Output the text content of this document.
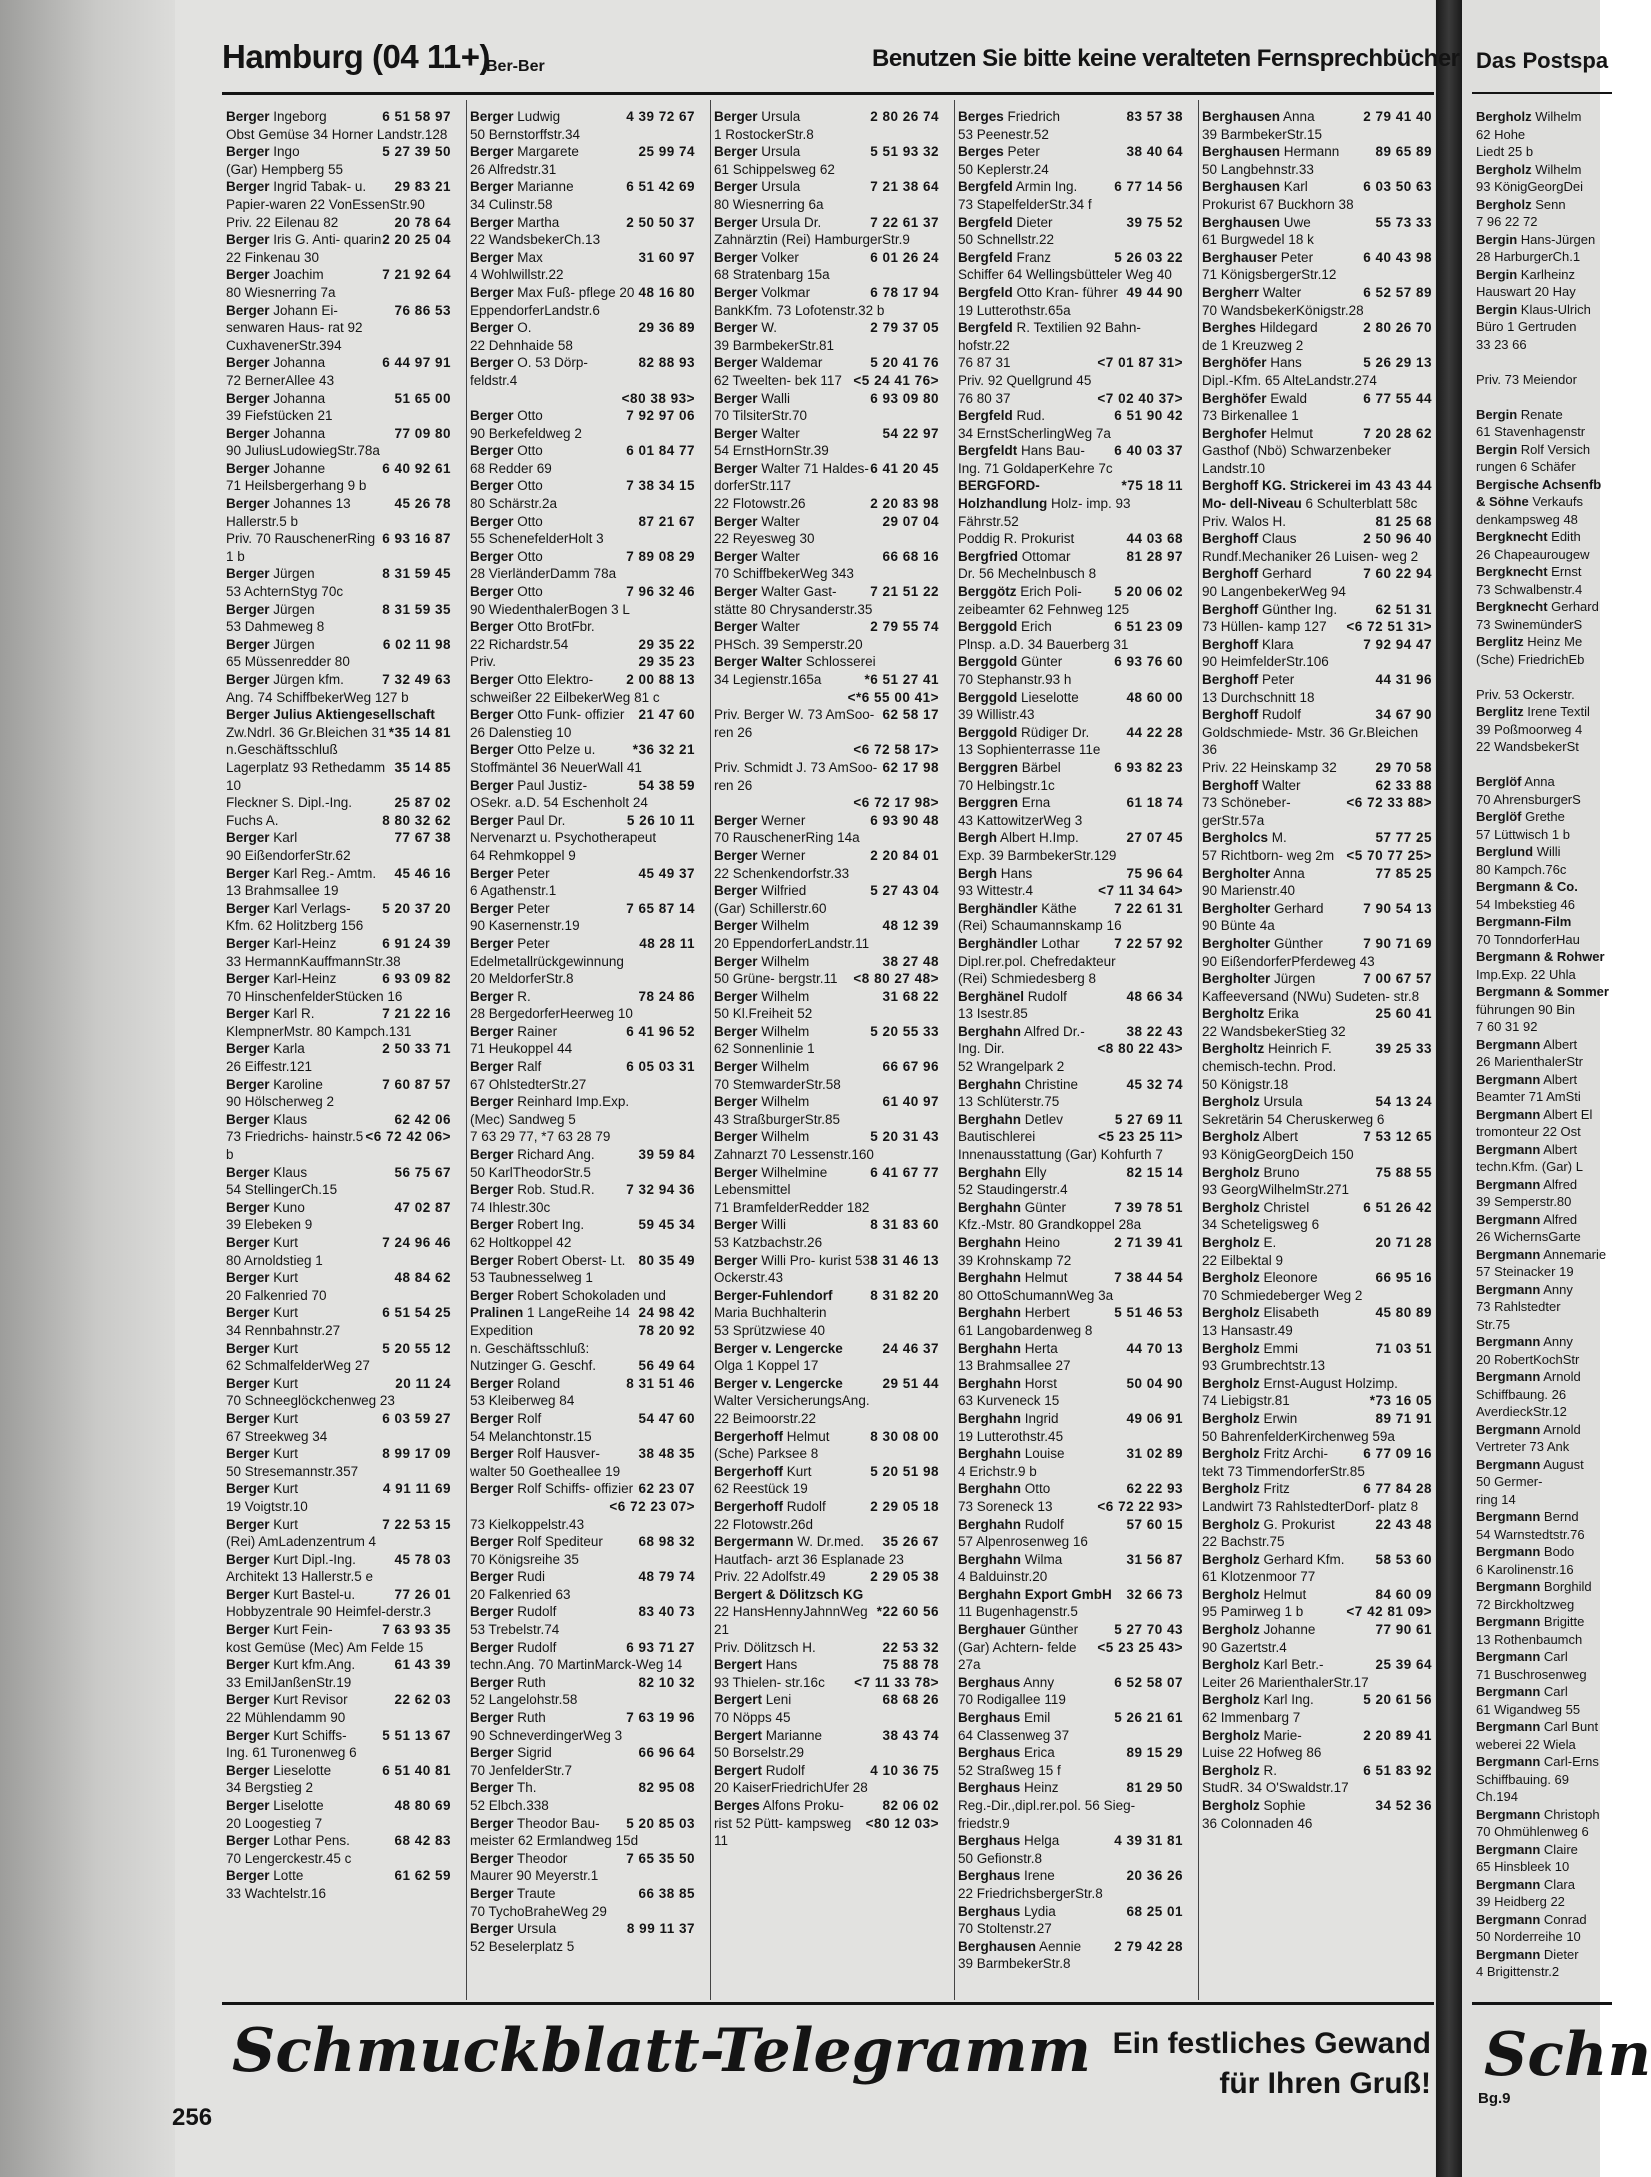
Hamburg (04 11+)
Ber-Ber	Benutzen Sie bitte keine veralteten Fernsprechbücher
6 51 58 97
Berger Ingeborg
Obst Gemüse 34 Horner Landstr.128
5 27 39 50
Berger Ingo
(Gar) Hempberg 55
29 83 21
Berger Ingrid Tabak- u. Papier-waren 22 VonEssenStr.90
20 78 64
Priv. 22 Eilenau 82
2 20 25 04
Berger Iris G. Anti- quarin 22 Finkenau 30
7 21 92 64
Berger Joachim
80 Wiesnerring 7a
76 86 53
Berger Johann Ei- senwaren Haus- rat 92 CuxhavenerStr.394
6 44 97 91
Berger Johanna
72 BernerAllee 43
51 65 00
Berger Johanna
39 Fiefstücken 21
77 09 80
Berger Johanna
90 JuliusLudowiegStr.78a
6 40 92 61
Berger Johanne
71 Heilsbergerhang 9 b
45 26 78
Berger Johannes 13 Hallerstr.5 b
6 93 16 87
Priv. 70 RauschenerRing 1 b
8 31 59 45
Berger Jürgen
53 AchternStyg 70c
8 31 59 35
Berger Jürgen
53 Dahmeweg 8
6 02 11 98
Berger Jürgen
65 Müssenredder 80
7 32 49 63
Berger Jürgen kfm.
Ang. 74 SchiffbekerWeg 127 b
Berger Julius Aktiengesellschaft
*35 14 81
Zw.Ndrl. 36 Gr.Bleichen 31
n.Geschäftsschluß
35 14 85
Lagerplatz 93 Rethedamm 10
25 87 02
Fleckner S. Dipl.-Ing.
8 80 32 62
Fuchs A.
77 67 38
Berger Karl
90 EißendorferStr.62
45 46 16
Berger Karl Reg.- Amtm. 13 Brahmsallee 19
5 20 37 20
Berger Karl Verlags-
Kfm. 62 Holitzberg 156
6 91 24 39
Berger Karl-Heinz
33 HermannKauffmannStr.38
6 93 09 82
Berger Karl-Heinz
70 HinschenfelderStücken 16
7 21 22 16
Berger Karl R.
KlempnerMstr. 80 Kampch.131
2 50 33 71
Berger Karla
26 Eiffestr.121
7 60 87 57
Berger Karoline
90 Hölscherweg 2
62 42 06
Berger Klaus
<6 72 42 06>
73 Friedrichs- hainstr.5 b
56 75 67
Berger Klaus
54 StellingerCh.15
47 02 87
Berger Kuno
39 Elebeken 9
7 24 96 46
Berger Kurt
80 Arnoldstieg 1
48 84 62
Berger Kurt
20 Falkenried 70
6 51 54 25
Berger Kurt
34 Rennbahnstr.27
5 20 55 12
Berger Kurt
62 SchmalfelderWeg 27
20 11 24
Berger Kurt
70 Schneeglöckchenweg 23
6 03 59 27
Berger Kurt
67 Streekweg 34
8 99 17 09
Berger Kurt
50 Stresemannstr.357
4 91 11 69
Berger Kurt
19 Voigtstr.10
7 22 53 15
Berger Kurt
(Rei) AmLadenzentrum 4
45 78 03
Berger Kurt Dipl.-Ing.
Architekt 13 Hallerstr.5 e
77 26 01
Berger Kurt Bastel-u.
Hobbyzentrale 90 Heimfel-derstr.3
7 63 93 35
Berger Kurt Fein-
kost Gemüse (Mec) Am Felde 15
61 43 39
Berger Kurt kfm.Ang.
33 EmilJanßenStr.19
22 62 03
Berger Kurt Revisor
22 Mühlendamm 90
5 51 13 67
Berger Kurt Schiffs-
Ing. 61 Turonenweg 6
6 51 40 81
Berger Lieselotte
34 Bergstieg 2
48 80 69
Berger Liselotte
20 Loogestieg 7
68 42 83
Berger Lothar Pens.
70 Lengerckestr.45 c
61 62 59
Berger Lotte
33 Wachtelstr.16
4 39 72 67
Berger Ludwig
50 Bernstorffstr.34
25 99 74
Berger Margarete
26 Alfredstr.31
6 51 42 69
Berger Marianne
34 Culinstr.58
2 50 50 37
Berger Martha
22 WandsbekerCh.13
31 60 97
Berger Max
4 Wohlwillstr.22
48 16 80
Berger Max Fuß- pflege 20 EppendorferLandstr.6
29 36 89
Berger O.
22 Dehnhaide 58
82 88 93
Berger O. 53 Dörp- feldstr.4
<80 38 93>
7 92 97 06
Berger Otto
90 Berkefeldweg 2
6 01 84 77
Berger Otto
68 Redder 69
7 38 34 15
Berger Otto
80 Schärstr.2a
87 21 67
Berger Otto
55 SchenefelderHolt 3
7 89 08 29
Berger Otto
28 VierländerDamm 78a
7 96 32 46
Berger Otto
90 WiedenthalerBogen 3 L
Berger Otto BrotFbr.
29 35 22
22 Richardstr.54
29 35 23
Priv.
2 00 88 13
Berger Otto Elektro- schweißer 22 EilbekerWeg 81 c
21 47 60
Berger Otto Funk- offizier 26 Dalenstieg 10
*36 32 21
Berger Otto Pelze u.
Stoffmäntel 36 NeuerWall 41
54 38 59
Berger Paul Justiz-
OSekr. a.D. 54 Eschenholt 24
5 26 10 11
Berger Paul Dr.
Nervenarzt u. Psychotherapeut
64 Rehmkoppel 9
45 49 37
Berger Peter
6 Agathenstr.1
7 65 87 14
Berger Peter
90 Kasernenstr.19
48 28 11
Berger Peter
Edelmetallrückgewinnung
20 MeldorferStr.8
78 24 86
Berger R.
28 BergedorferHeerweg 10
6 41 96 52
Berger Rainer
71 Heukoppel 44
6 05 03 31
Berger Ralf
67 OhlstedterStr.27
Berger Reinhard Imp.Exp.
(Mec) Sandweg 5
7 63 29 77, *7 63 28 79
39 59 84
Berger Richard Ang.
50 KarlTheodorStr.5
7 32 94 36
Berger Rob. Stud.R.
74 Ihlestr.30c
59 45 34
Berger Robert Ing.
62 Holtkoppel 42
80 35 49
Berger Robert Oberst- Lt. 53 Taubnesselweg 1
Berger Robert Schokoladen und
24 98 42
Pralinen 1 LangeReihe 14
78 20 92
Expedition
n. Geschäftsschluß:
56 49 64
Nutzinger G. Geschf.
8 31 51 46
Berger Roland
53 Kleiberweg 84
54 47 60
Berger Rolf
54 Melanchtonstr.15
38 48 35
Berger Rolf Hausver- walter 50 Goetheallee 19
62 23 07
Berger Rolf Schiffs- offizier
<6 72 23 07>
73 Kielkoppelstr.43
68 98 32
Berger Rolf Spediteur
70 Königsreihe 35
48 79 74
Berger Rudi
20 Falkenried 63
83 40 73
Berger Rudolf
53 Trebelstr.74
6 93 71 27
Berger Rudolf
techn.Ang. 70 MartinMarck-Weg 14
82 10 32
Berger Ruth
52 Langelohstr.58
7 63 19 96
Berger Ruth
90 SchneverdingerWeg 3
66 96 64
Berger Sigrid
70 JenfelderStr.7
82 95 08
Berger Th.
52 Elbch.338
5 20 85 03
Berger Theodor Bau-
meister 62 Ermlandweg 15d
7 65 35 50
Berger Theodor
Maurer 90 Meyerstr.1
66 38 85
Berger Traute
70 TychoBraheWeg 29
8 99 11 37
Berger Ursula
52 Beselerplatz 5
2 80 26 74
Berger Ursula
1 RostockerStr.8
5 51 93 32
Berger Ursula
61 Schippelsweg 62
7 21 38 64
Berger Ursula
80 Wiesnerring 6a
7 22 61 37
Berger Ursula Dr.
Zahnärztin (Rei) HamburgerStr.9
6 01 26 24
Berger Volker
68 Stratenbarg 15a
6 78 17 94
Berger Volkmar
BankKfm. 73 Lofotenstr.32 b
2 79 37 05
Berger W.
39 BarmbekerStr.81
5 20 41 76
Berger Waldemar
<5 24 41 76>
62 Tweelten- bek 117
6 93 09 80
Berger Walli
70 TilsiterStr.70
54 22 97
Berger Walter
54 ErnstHornStr.39
6 41 20 45
Berger Walter 71 Haldes- dorferStr.117
2 20 83 98
22 Flotowstr.26
29 07 04
Berger Walter
22 Reyesweg 30
66 68 16
Berger Walter
70 SchiffbekerWeg 343
7 21 51 22
Berger Walter Gast-
stätte 80 Chrysanderstr.35
2 79 55 74
Berger Walter
PHSch. 39 Semperstr.20
Berger Walter Schlosserei
*6 51 27 41
34 Legienstr.165a
<*6 55 00 41>
62 58 17
Priv. Berger W. 73 AmSoo- ren 26
<6 72 58 17>
62 17 98
Priv. Schmidt J. 73 AmSoo- ren 26
<6 72 17 98>
6 93 90 48
Berger Werner
70 RauschenerRing 14a
2 20 84 01
Berger Werner
22 Schenkendorfstr.33
5 27 43 04
Berger Wilfried
(Gar) Schillerstr.60
48 12 39
Berger Wilhelm
20 EppendorferLandstr.11
38 27 48
Berger Wilhelm
<8 80 27 48>
50 Grüne- bergstr.11
31 68 22
Berger Wilhelm
50 Kl.Freiheit 52
5 20 55 33
Berger Wilhelm
62 Sonnenlinie 1
66 67 96
Berger Wilhelm
70 StemwarderStr.58
61 40 97
Berger Wilhelm
43 StraßburgerStr.85
5 20 31 43
Berger Wilhelm
Zahnarzt 70 Lessenstr.160
6 41 67 77
Berger Wilhelmine
Lebensmittel
71 BramfelderRedder 182
8 31 83 60
Berger Willi
53 Katzbachstr.26
8 31 46 13
Berger Willi Pro- kurist 53 Ockerstr.43
8 31 82 20
Berger-Fuhlendorf
Maria Buchhalterin
53 Sprützwiese 40
24 46 37
Berger v. Lengercke
Olga 1 Koppel 17
29 51 44
Berger v. Lengercke
Walter VersicherungsAng.
22 Beimoorstr.22
8 30 08 00
Bergerhoff Helmut
(Sche) Parksee 8
5 20 51 98
Bergerhoff Kurt
62 Reestück 19
2 29 05 18
Bergerhoff Rudolf
22 Flotowstr.26d
35 26 67
Bergermann W. Dr.med. Hautfach- arzt 36 Esplanade 23
2 29 05 38
Priv. 22 Adolfstr.49
Bergert & Dölitzsch KG
*22 60 56
22 HansHennyJahnnWeg 21
22 53 32
Priv. Dölitzsch H.
75 88 78
Bergert Hans
<7 11 33 78>
93 Thielen- str.16c
68 68 26
Bergert Leni
70 Nöpps 45
38 43 74
Bergert Marianne
50 Borselstr.29
4 10 36 75
Bergert Rudolf
20 KaiserFriedrichUfer 28
82 06 02
Berges Alfons Proku-
<80 12 03>
rist 52 Pütt- kampsweg 11
83 57 38
Berges Friedrich
53 Peenestr.52
38 40 64
Berges Peter
50 Keplerstr.24
6 77 14 56
Bergfeld Armin Ing.
73 StapelfelderStr.34 f
39 75 52
Bergfeld Dieter
50 Schnellstr.22
5 26 03 22
Bergfeld Franz
Schiffer 64 Wellingsbütteler Weg 40
49 44 90
Bergfeld Otto Kran- führer 19 Lutterothstr.65a
Bergfeld R. Textilien 92 Bahn- hofstr.22
<7 01 87 31>
76 87 31
Priv. 92 Quellgrund 45
<7 02 40 37>
76 80 37
6 51 90 42
Bergfeld Rud.
34 ErnstScherlingWeg 7a
6 40 03 37
Bergfeldt Hans Bau-
Ing. 71 GoldaperKehre 7c
*75 18 11
BERGFORD-Holzhandlung Holz- imp. 93 Fährstr.52
44 03 68
Poddig R. Prokurist
81 28 97
Bergfried Ottomar
Dr. 56 Mechelnbusch 8
5 20 06 02
Berggötz Erich Poli-
zeibeamter 62 Fehnweg 125
6 51 23 09
Berggold Erich
Plnsp. a.D. 34 Bauerberg 31
6 93 76 60
Berggold Günter
70 Stephanstr.93 h
48 60 00
Berggold Lieselotte
39 Willistr.43
44 22 28
Berggold Rüdiger Dr.
13 Sophienterrasse 11e
6 93 82 23
Berggren Bärbel
70 Helbingstr.1c
61 18 74
Berggren Erna
43 KattowitzerWeg 3
27 07 45
Bergh Albert H.Imp.
Exp. 39 BarmbekerStr.129
75 96 64
Bergh Hans
<7 11 34 64>
93 Wittestr.4
7 22 61 31
Berghändler Käthe
(Rei) Schaumannskamp 16
7 22 57 92
Berghändler Lothar
Dipl.rer.pol. Chefredakteur
(Rei) Schmiedesberg 8
48 66 34
Berghänel Rudolf
13 Isestr.85
38 22 43
Berghahn Alfred Dr.-
<8 80 22 43>
Ing. Dir.
52 Wrangelpark 2
45 32 74
Berghahn Christine
13 Schlüterstr.75
5 27 69 11
Berghahn Detlev
<5 23 25 11>
Bautischlerei
Innenausstattung (Gar) Kohfurth 7
82 15 14
Berghahn Elly
52 Staudingerstr.4
7 39 78 51
Berghahn Günter
Kfz.-Mstr. 80 Grandkoppel 28a
2 71 39 41
Berghahn Heino
39 Krohnskamp 72
7 38 44 54
Berghahn Helmut
80 OttoSchumannWeg 3a
5 51 46 53
Berghahn Herbert
61 Langobardenweg 8
44 70 13
Berghahn Herta
13 Brahmsallee 27
50 04 90
Berghahn Horst
63 Kurveneck 15
49 06 91
Berghahn Ingrid
19 Lutterothstr.45
31 02 89
Berghahn Louise
4 Erichstr.9 b
62 22 93
Berghahn Otto
<6 72 22 93>
73 Soreneck 13
57 60 15
Berghahn Rudolf
57 Alpenrosenweg 16
31 56 87
Berghahn Wilma
4 Balduinstr.20
32 66 73
Berghahn Export GmbH
11 Bugenhagenstr.5
5 27 70 43
Berghauer Günther
<5 23 25 43>
(Gar) Achtern- felde 27a
6 52 58 07
Berghaus Anny
70 Rodigallee 119
5 26 21 61
Berghaus Emil
64 Classenweg 37
89 15 29
Berghaus Erica
52 Straßweg 15 f
81 29 50
Berghaus Heinz
Reg.-Dir.,dipl.rer.pol. 56 Sieg- friedstr.9
4 39 31 81
Berghaus Helga
50 Gefionstr.8
20 36 26
Berghaus Irene
22 FriedrichsbergerStr.8
68 25 01
Berghaus Lydia
70 Stoltenstr.27
2 79 42 28
Berghausen Aennie
39 BarmbekerStr.8
2 79 41 40
Berghausen Anna
39 BarmbekerStr.15
89 65 89
Berghausen Hermann
50 Langbehnstr.33
6 03 50 63
Berghausen Karl
Prokurist 67 Buckhorn 38
55 73 33
Berghausen Uwe
61 Burgwedel 18 k
6 40 43 98
Berghauser Peter
71 KönigsbergerStr.12
6 52 57 89
Bergherr Walter
70 WandsbekerKönigstr.28
2 80 26 70
Berghes Hildegard
de 1 Kreuzweg 2
5 26 29 13
Berghöfer Hans
Dipl.-Kfm. 65 AlteLandstr.274
6 77 55 44
Berghöfer Ewald
73 Birkenallee 1
7 20 28 62
Berghofer Helmut
Gasthof (Nbö) Schwarzenbeker Landstr.10
43 43 44
Berghoff KG. Strickerei im Mo- dell-Niveau 6 Schulterblatt 58c
81 25 68
Priv. Walos H.
2 50 96 40
Berghoff Claus
Rundf.Mechaniker 26 Luisen- weg 2
7 60 22 94
Berghoff Gerhard
90 LangenbekerWeg 94
62 51 31
Berghoff Günther Ing.
<6 72 51 31>
73 Hüllen- kamp 127
7 92 94 47
Berghoff Klara
90 HeimfelderStr.106
44 31 96
Berghoff Peter
13 Durchschnitt 18
34 67 90
Berghoff Rudolf Goldschmiede- Mstr. 36 Gr.Bleichen 36
29 70 58
Priv. 22 Heinskamp 32
62 33 88
Berghoff Walter
<6 72 33 88>
73 Schöneber- gerStr.57a
57 77 25
Bergholcs M.
<5 70 77 25>
57 Richtborn- weg 2m
77 85 25
Bergholter Anna
90 Marienstr.40
7 90 54 13
Bergholter Gerhard
90 Bünte 4a
7 90 71 69
Bergholter Günther
90 EißendorferPferdeweg 43
7 00 67 57
Bergholter Jürgen
Kaffeeversand (NWu) Sudeten- str.8
25 60 41
Bergholtz Erika
22 WandsbekerStieg 32
39 25 33
Bergholtz Heinrich F.
chemisch-techn. Prod.
50 Königstr.18
54 13 24
Bergholz Ursula
Sekretärin 54 Cheruskerweg 6
7 53 12 65
Bergholz Albert
93 KönigGeorgDeich 150
75 88 55
Bergholz Bruno
93 GeorgWilhelmStr.271
6 51 26 42
Bergholz Christel
34 Scheteligsweg 6
20 71 28
Bergholz E.
22 Eilbektal 9
66 95 16
Bergholz Eleonore
70 Schmiedeberger Weg 2
45 80 89
Bergholz Elisabeth
13 Hansastr.49
71 03 51
Bergholz Emmi
93 Grumbrechtstr.13
Bergholz Ernst-August Holzimp.
*73 16 05
74 Liebigstr.81
89 71 91
Bergholz Erwin
50 BahrenfelderKirchenweg 59a
6 77 09 16
Bergholz Fritz Archi-
tekt 73 TimmendorferStr.85
6 77 84 28
Bergholz Fritz
Landwirt 73 RahlstedterDorf- platz 8
22 43 48
Bergholz G. Prokurist
22 Bachstr.75
58 53 60
Bergholz Gerhard Kfm.
61 Klotzenmoor 77
84 60 09
Bergholz Helmut
<7 42 81 09>
95 Pamirweg 1 b
77 90 61
Bergholz Johanne
90 Gazertstr.4
25 39 64
Bergholz Karl Betr.-
Leiter 26 MarienthalerStr.17
5 20 61 56
Bergholz Karl Ing.
62 Immenbarg 7
2 20 89 41
Bergholz Marie-
Luise 22 Hofweg 86
6 51 83 92
Bergholz R.
StudR. 34 O'Swaldstr.17
34 52 36
Bergholz Sophie
36 Colonnaden 46
Schmuckblatt-Telegramm Ein festliches Gewand
für Ihren Gruß!
256
Das Postspa
Bergholz Wilhelm
62 Hohe
Liedt 25 b
Bergholz Wilhelm
93 KönigGeorgDei
Bergholz Senn
7 96 22 72
Bergin Hans-Jürgen
28 HarburgerCh.1
Bergin Karlheinz
Hauswart 20 Hay
Bergin Klaus-Ulrich
Büro 1 Gertruden
33 23 66

Priv. 73 Meiendor

Bergin Renate
61 Stavenhagenstr
Bergin Rolf Versich
rungen 6 Schäfer
Bergische Achsenfb
& Söhne Verkaufs
denkampsweg 48
Bergknecht Edith
26 Chapeaurougew
Bergknecht Ernst
73 Schwalbenstr.4
Bergknecht Gerhard
73 SwinemünderS
Berglitz Heinz Me
(Sche) FriedrichEb

Priv. 53 Ockerstr.
Berglitz Irene Textil
39 Poßmoorweg 4
22 WandsbekerSt

Berglöf Anna
70 AhrensburgerS
Berglöf Grethe
57 Lüttwisch 1 b
Berglund Willi
80 Kampch.76c
Bergmann & Co.
54 Imbekstieg 46
Bergmann-Film
70 TonndorferHau
Bergmann & Rohwer
Imp.Exp. 22 Uhla
Bergmann & Sommer
führungen 90 Bin
7 60 31 92
Bergmann Albert
26 MarienthalerStr
Bergmann Albert
Beamter 71 AmSti
Bergmann Albert El
tromonteur 22 Ost
Bergmann Albert
techn.Kfm. (Gar) L
Bergmann Alfred
39 Semperstr.80
Bergmann Alfred
26 WichernsGarte
Bergmann Annemarie
57 Steinacker 19
Bergmann Anny
73 Rahlstedter
Str.75
Bergmann Anny
20 RobertKochStr
Bergmann Arnold
Schiffbaung. 26
AverdieckStr.12
Bergmann Arnold
Vertreter 73 Ank
Bergmann August
50 Germer-
ring 14
Bergmann Bernd
54 Warnstedtstr.76
Bergmann Bodo
6 Karolinenstr.16
Bergmann Borghild
72 Birckholtzweg
Bergmann Brigitte
13 Rothenbaumch
Bergmann Carl
71 Buschrosenweg
Bergmann Carl
61 Wigandweg 55
Bergmann Carl Bunt
weberei 22 Wiela
Bergmann Carl-Erns
Schiffbauing. 69
Ch.194
Bergmann Christoph
70 Ohmühlenweg 6
Bergmann Claire
65 Hinsbleek 10
Bergmann Clara
39 Heidberg 22
Bergmann Conrad
50 Norderreihe 10
Bergmann Dieter
4 Brigittenstr.2
Schn
Bg.9
